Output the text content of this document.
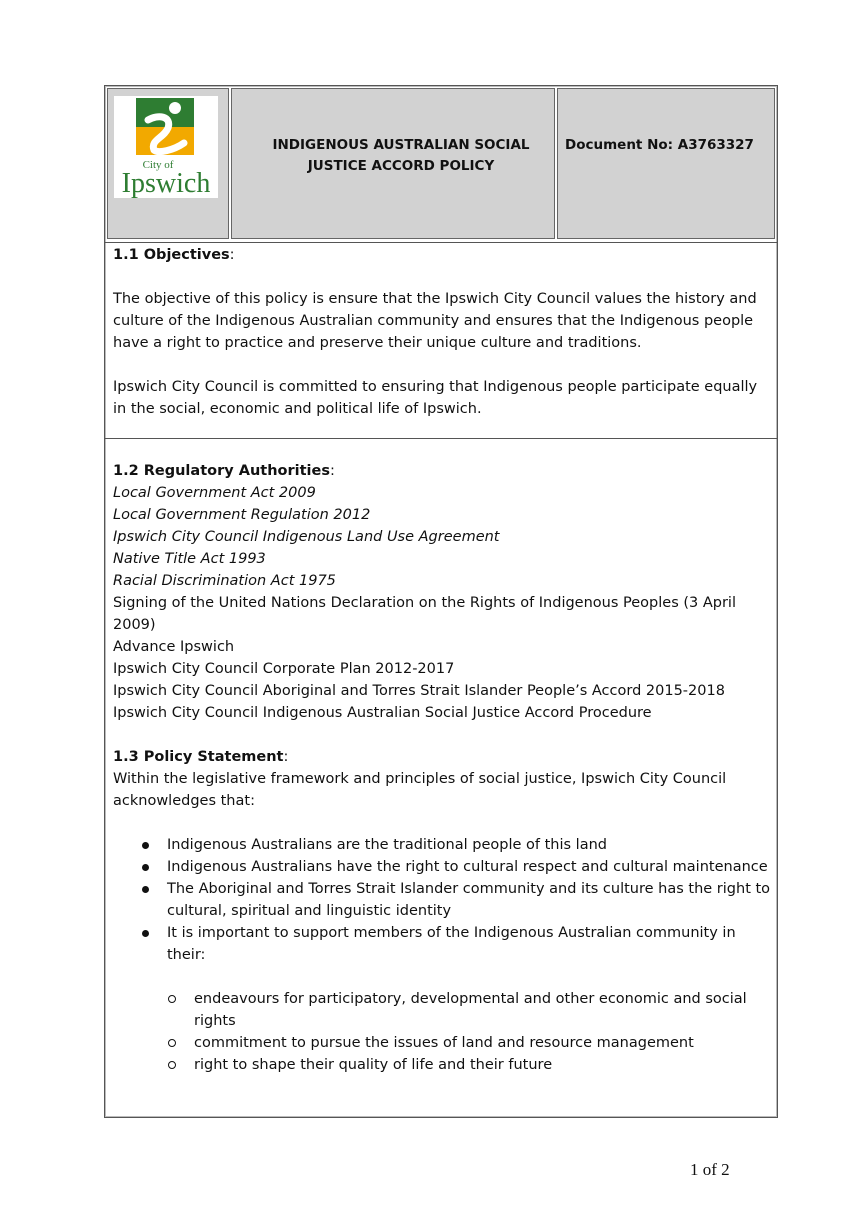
City of
Ipswich
INDIGENOUS AUSTRALIAN SOCIAL
JUSTICE ACCORD POLICY
Document No: A3763327

1.1 Objectives:

The objective of this policy is ensure that the Ipswich City Council values the history and
culture of the Indigenous Australian community and ensures that the Indigenous people
have a right to practice and preserve their unique culture and traditions.

Ipswich City Council is committed to ensuring that Indigenous people participate equally
in the social, economic and political life of Ipswich.

1.2 Regulatory Authorities:

Local Government Act 2009

Local Government Regulation 2012

Ipswich City Council Indigenous Land Use Agreement

Native Title Act 1993

Racial Discrimination Act 1975

Signing of the United Nations Declaration on the Rights of Indigenous Peoples (3 April

2009)

Advance Ipswich

Ipswich City Council Corporate Plan 2012-2017

Ipswich City Council Aboriginal and Torres Strait Islander People’s Accord 2015-2018

Ipswich City Council Indigenous Australian Social Justice Accord Procedure

1.3 Policy Statement:

Within the legislative framework and principles of social justice, Ipswich City Council
acknowledges that:

Indigenous Australians are the traditional people of this land
Indigenous Australians have the right to cultural respect and cultural maintenance
The Aboriginal and Torres Strait Islander community and its culture has the right to
cultural, spiritual and linguistic identity
It is important to support members of the Indigenous Australian community in
their:
endeavours for participatory, developmental and other economic and social
rights
commitment to pursue the issues of land and resource management
right to shape their quality of life and their future
1 of 2
